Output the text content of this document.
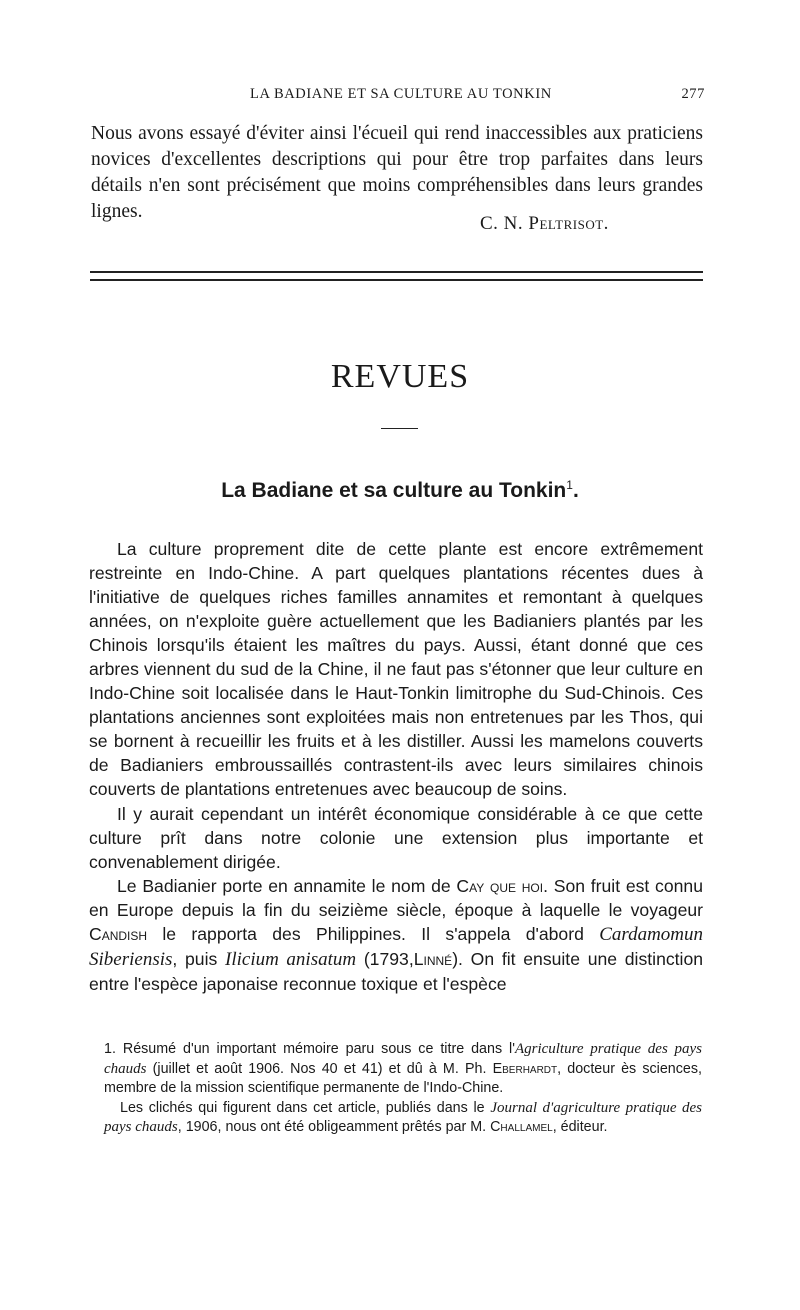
LA BADIANE ET SA CULTURE AU TONKIN	277

Nous avons essayé d'éviter ainsi l'écueil qui rend inaccessibles aux praticiens novices d'excellentes descriptions qui pour être trop parfaites dans leurs détails n'en sont précisément que moins compréhensibles dans leurs grandes lignes.

C. N. Peltrisot.
REVUES
La Badiane et sa culture au Tonkin$^1$.

La culture proprement dite de cette plante est encore extrêmement restreinte en Indo-Chine. A part quelques plantations récentes dues à l'initiative de quelques riches familles annamites et remontant à quelques années, on n'exploite guère actuellement que les Badianiers plantés par les Chinois lorsqu'ils étaient les maîtres du pays. Aussi, étant donné que ces arbres viennent du sud de la Chine, il ne faut pas s'étonner que leur culture en Indo-Chine soit localisée dans le Haut-Tonkin limitrophe du Sud-Chinois. Ces plantations anciennes sont exploitées mais non entretenues par les Thos, qui se bornent à recueillir les fruits et à les distiller. Aussi les mamelons couverts de Badianiers embroussaillés contrastent-ils avec leurs similaires chinois couverts de plantations entretenues avec beaucoup de soins.

Il y aurait cependant un intérêt économique considérable à ce que cette culture prît dans notre colonie une extension plus importante et convenablement dirigée.

Le Badianier porte en annamite le nom de Cay que hoi. Son fruit est connu en Europe depuis la fin du seizième siècle, époque à laquelle le voyageur Candish le rapporta des Philippines. Il s'appela d'abord Cardamomun Siberiensis, puis Ilicium anisatum (1793,Linné). On fit ensuite une distinction entre l'espèce japonaise reconnue toxique et l'espèce

1. Résumé d'un important mémoire paru sous ce titre dans l'Agriculture pratique des pays chauds (juillet et août 1906. Nos 40 et 41) et dû à M. Ph. Eberhardt, docteur ès sciences, membre de la mission scientifique permanente de l'Indo-Chine.

Les clichés qui figurent dans cet article, publiés dans le Journal d'agriculture pratique des pays chauds, 1906, nous ont été obligeamment prêtés par M. Challamel, éditeur.
